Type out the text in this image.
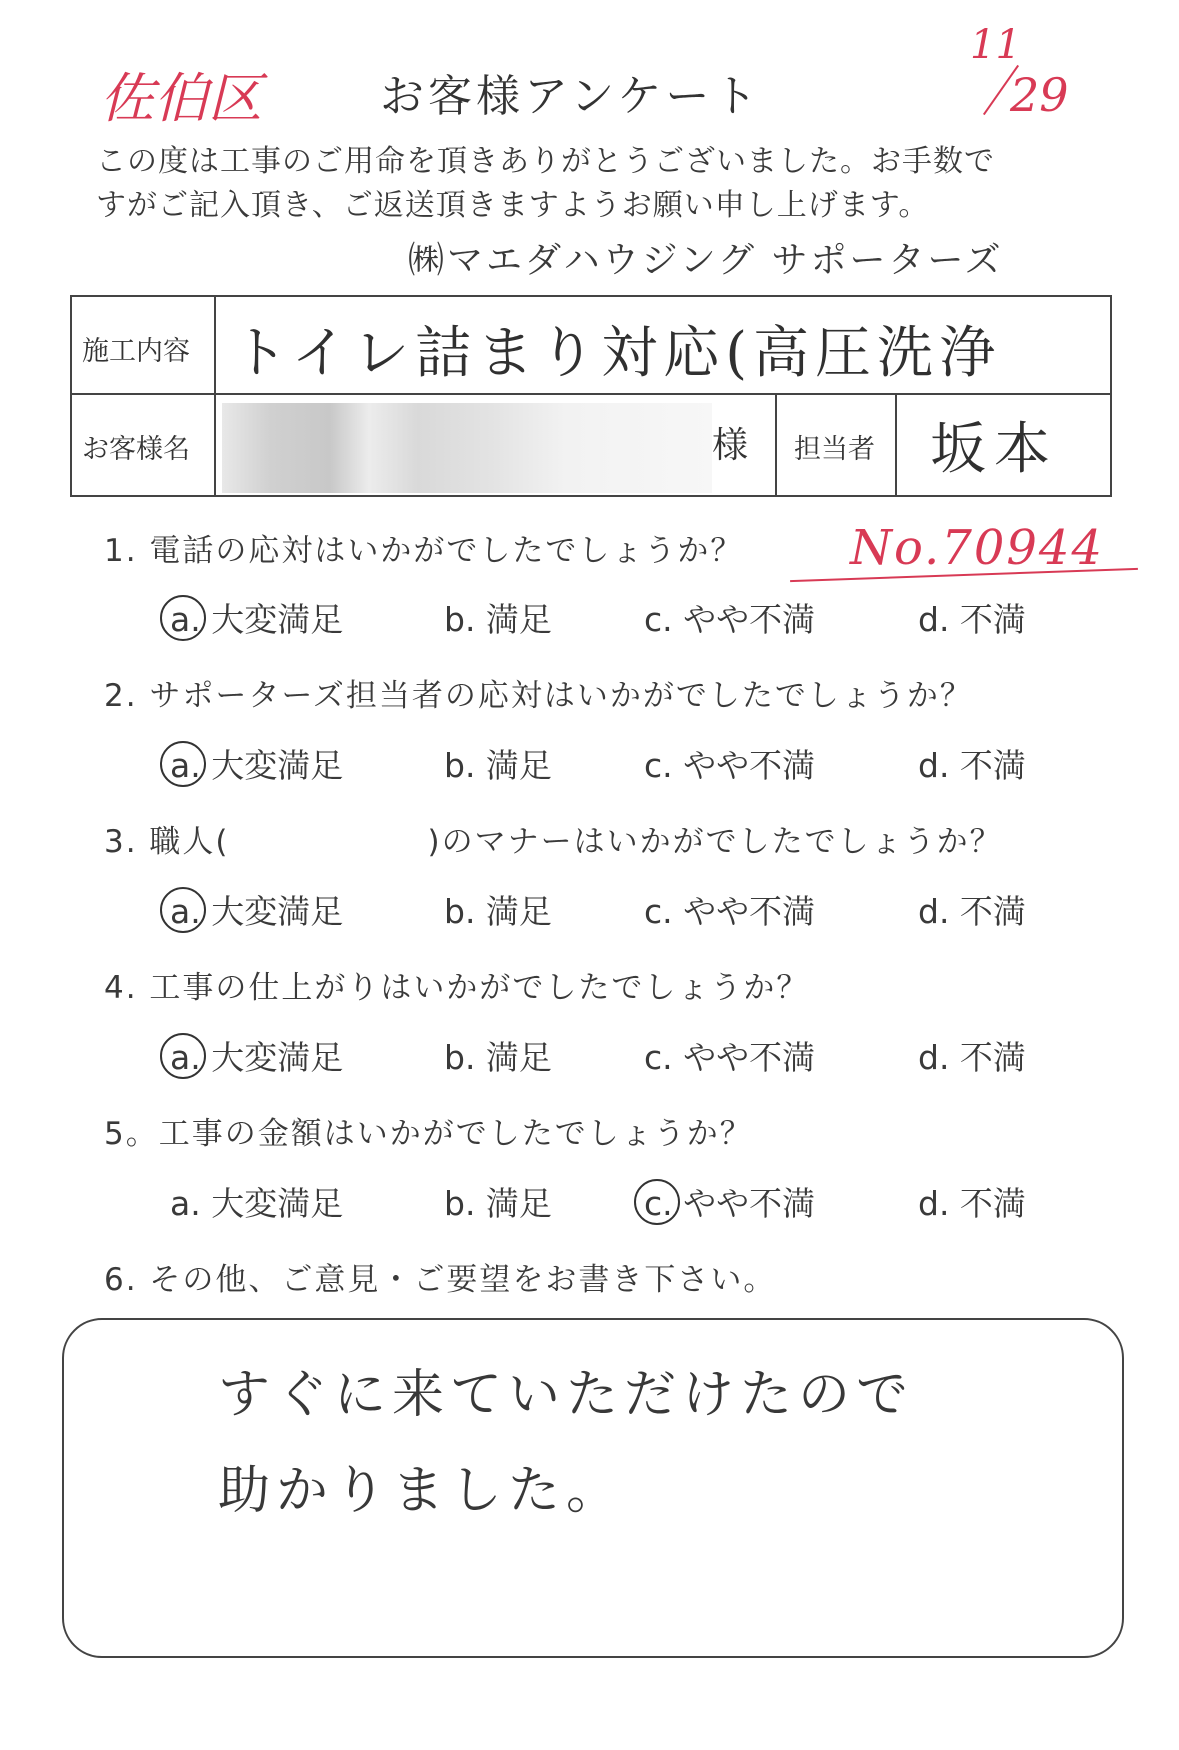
佐伯区	お客様アンケート
11
29
この度は工事のご用命を頂きありがとうございました。お手数で
すがご記入頂き、ご返送頂きますようお願い申し上げます。
㈱マエダハウジング サポーターズ
施工内容 トイレ詰まり対応(高圧洗浄
お客様名	様 担当者 坂本
No.70944
1. 電話の応対はいかがでしたでしょうか？
a. 大変満足	b. 満足	c. やや不満	d. 不満
2. サポーターズ担当者の応対はいかがでしたでしょうか？
a. 大変満足	b. 満足	c. やや不満	d. 不満
3. 職人(　　　　　　)のマナーはいかがでしたでしょうか？
a. 大変満足	b. 満足	c. やや不満	d. 不満
4. 工事の仕上がりはいかがでしたでしょうか？
a. 大変満足	b. 満足	c. やや不満	d. 不満
5。工事の金額はいかがでしたでしょうか？
a. 大変満足	b. 満足	c. やや不満	d. 不満
6. その他、ご意見・ご要望をお書き下さい。
すぐに来ていただけたので
助かりました。
